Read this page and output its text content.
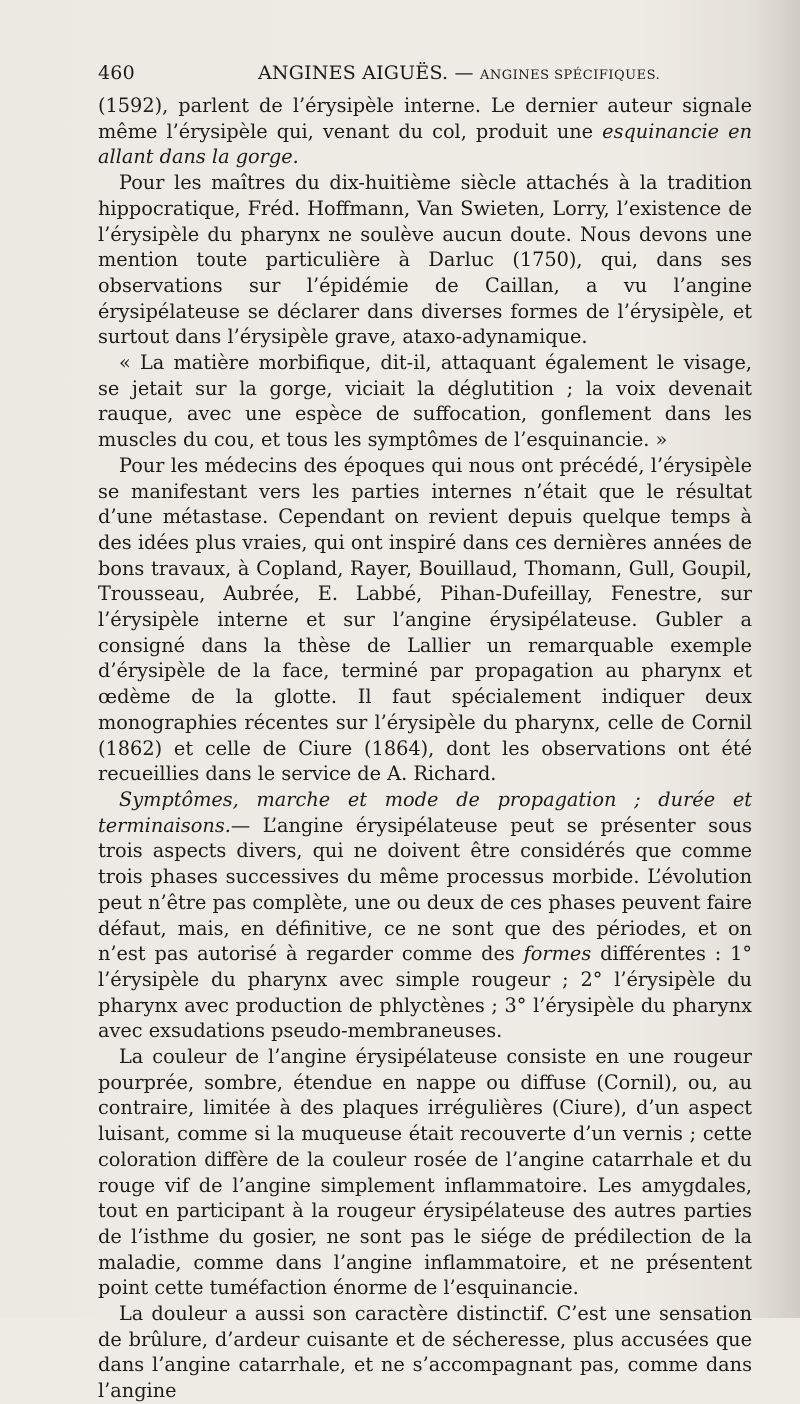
460	ANGINES AIGUËS. — ANGINES SPÉCIFIQUES.

(1592), parlent de l’érysipèle interne. Le dernier auteur signale même l’érysipèle qui, venant du col, produit une esquinancie en allant dans la gorge.

Pour les maîtres du dix-huitième siècle attachés à la tradition hippocratique, Fréd. Hoffmann, Van Swieten, Lorry, l’existence de l’érysipèle du pharynx ne soulève aucun doute. Nous devons une mention toute particulière à Darluc (1750), qui, dans ses observations sur l’épidémie de Caillan, a vu l’angine érysipélateuse se déclarer dans diverses formes de l’érysipèle, et surtout dans l’érysipèle grave, ataxo-adynamique.

« La matière morbifique, dit-il, attaquant également le visage, se jetait sur la gorge, viciait la déglutition ; la voix devenait rauque, avec une espèce de suffocation, gonflement dans les muscles du cou, et tous les symptômes de l’esquinancie. »

Pour les médecins des époques qui nous ont précédé, l’érysipèle se manifestant vers les parties internes n’était que le résultat d’une métastase. Cependant on revient depuis quelque temps à des idées plus vraies, qui ont inspiré dans ces dernières années de bons travaux, à Copland, Rayer, Bouillaud, Thomann, Gull, Goupil, Trousseau, Aubrée, E. Labbé, Pihan-Dufeillay, Fenestre, sur l’érysipèle interne et sur l’angine érysipélateuse. Gubler a consigné dans la thèse de Lallier un remarquable exemple d’érysipèle de la face, terminé par propagation au pharynx et œdème de la glotte. Il faut spécialement indiquer deux monographies récentes sur l’érysipèle du pharynx, celle de Cornil (1862) et celle de Ciure (1864), dont les observations ont été recueillies dans le service de A. Richard.

Symptômes, marche et mode de propagation ; durée et terminaisons.— L’angine érysipélateuse peut se présenter sous trois aspects divers, qui ne doivent être considérés que comme trois phases successives du même processus morbide. L’évolution peut n’être pas complète, une ou deux de ces phases peuvent faire défaut, mais, en définitive, ce ne sont que des périodes, et on n’est pas autorisé à regarder comme des formes différentes : 1° l’érysipèle du pharynx avec simple rougeur ; 2° l’érysipèle du pharynx avec production de phlyctènes ; 3° l’érysipèle du pharynx avec exsudations pseudo-membraneuses.

La couleur de l’angine érysipélateuse consiste en une rougeur pourprée, sombre, étendue en nappe ou diffuse (Cornil), ou, au contraire, limitée à des plaques irrégulières (Ciure), d’un aspect luisant, comme si la muqueuse était recouverte d’un vernis ; cette coloration diffère de la couleur rosée de l’angine catarrhale et du rouge vif de l’angine simplement inflammatoire. Les amygdales, tout en participant à la rougeur érysipélateuse des autres parties de l’isthme du gosier, ne sont pas le siége de prédilection de la maladie, comme dans l’angine inflammatoire, et ne présentent point cette tuméfaction énorme de l’esquinancie.

La douleur a aussi son caractère distinctif. C’est une sensation de brûlure, d’ardeur cuisante et de sécheresse, plus accusées que dans l’angine catarrhale, et ne s’accompagnant pas, comme dans l’angine
